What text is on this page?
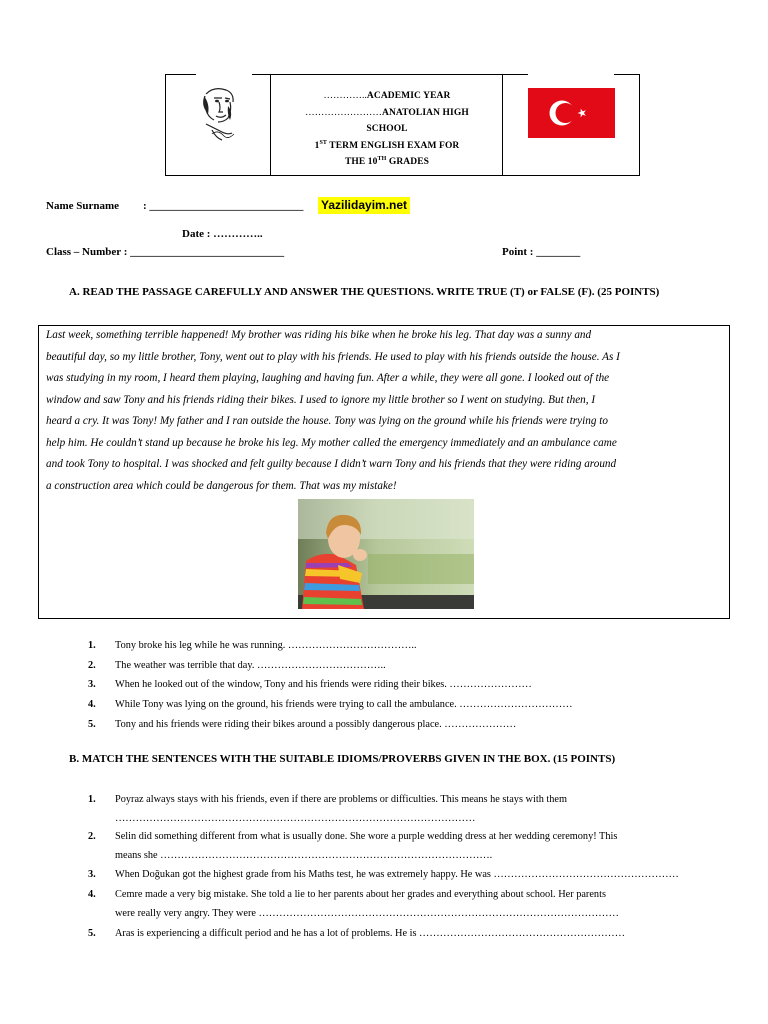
…………..ACADEMIC YEAR
……………………ANATOLIAN HIGH
SCHOOL
1ST TERM ENGLISH EXAM FOR
THE 10TH GRADES
Name Surname : ____________________________ Yazilidayim.net
Date : …………..
Class – Number : ____________________________	Point : ________
A. READ THE PASSAGE CAREFULLY AND ANSWER THE QUESTIONS. WRITE TRUE (T) or FALSE (F). (25 POINTS)
Last week, something terrible happened! My brother was riding his bike when he broke his leg. That day was a sunny and
beautiful day, so my little brother, Tony, went out to play with his friends. He used to play with his friends outside the house. As I
was studying in my room, I heard them playing, laughing and having fun. After a while, they were all gone. I looked out of the
window and saw Tony and his friends riding their bikes. I used to ignore my little brother so I went on studying. But then, I
heard a cry. It was Tony! My father and I ran outside the house. Tony was lying on the ground while his friends were trying to
help him. He couldn’t stand up because he broke his leg. My mother called the emergency immediately and an ambulance came
and took Tony to hospital. I was shocked and felt guilty because I didn’t warn Tony and his friends that they were riding around
a construction area which could be dangerous for them. That was my mistake!
1. Tony broke his leg while he was running. ………………………………..
2. The weather was terrible that day. ………………………………..
3. When he looked out of the window, Tony and his friends were riding their bikes. ……………………
4. While Tony was lying on the ground, his friends were trying to call the ambulance. ……………………………
5. Tony and his friends were riding their bikes around a possibly dangerous place. …………………
B. MATCH THE SENTENCES WITH THE SUITABLE IDIOMS/PROVERBS GIVEN IN THE BOX. (15 POINTS)
1. Poyraz always stays with his friends, even if there are problems or difficulties. This means he stays with them
……………………………………………………………………………………………
2. Selin did something different from what is usually done. She wore a purple wedding dress at her wedding ceremony! This
means she …………………………………………………………………………………….
3. When Doğukan got the highest grade from his Maths test, he was extremely happy. He was ………………………………………………
4. Cemre made a very big mistake. She told a lie to her parents about her grades and everything about school. Her parents
were really very angry. They were ……………………………………………………………………………………………
5. Aras is experiencing a difficult period and he has a lot of problems. He is ……………………………………………………
